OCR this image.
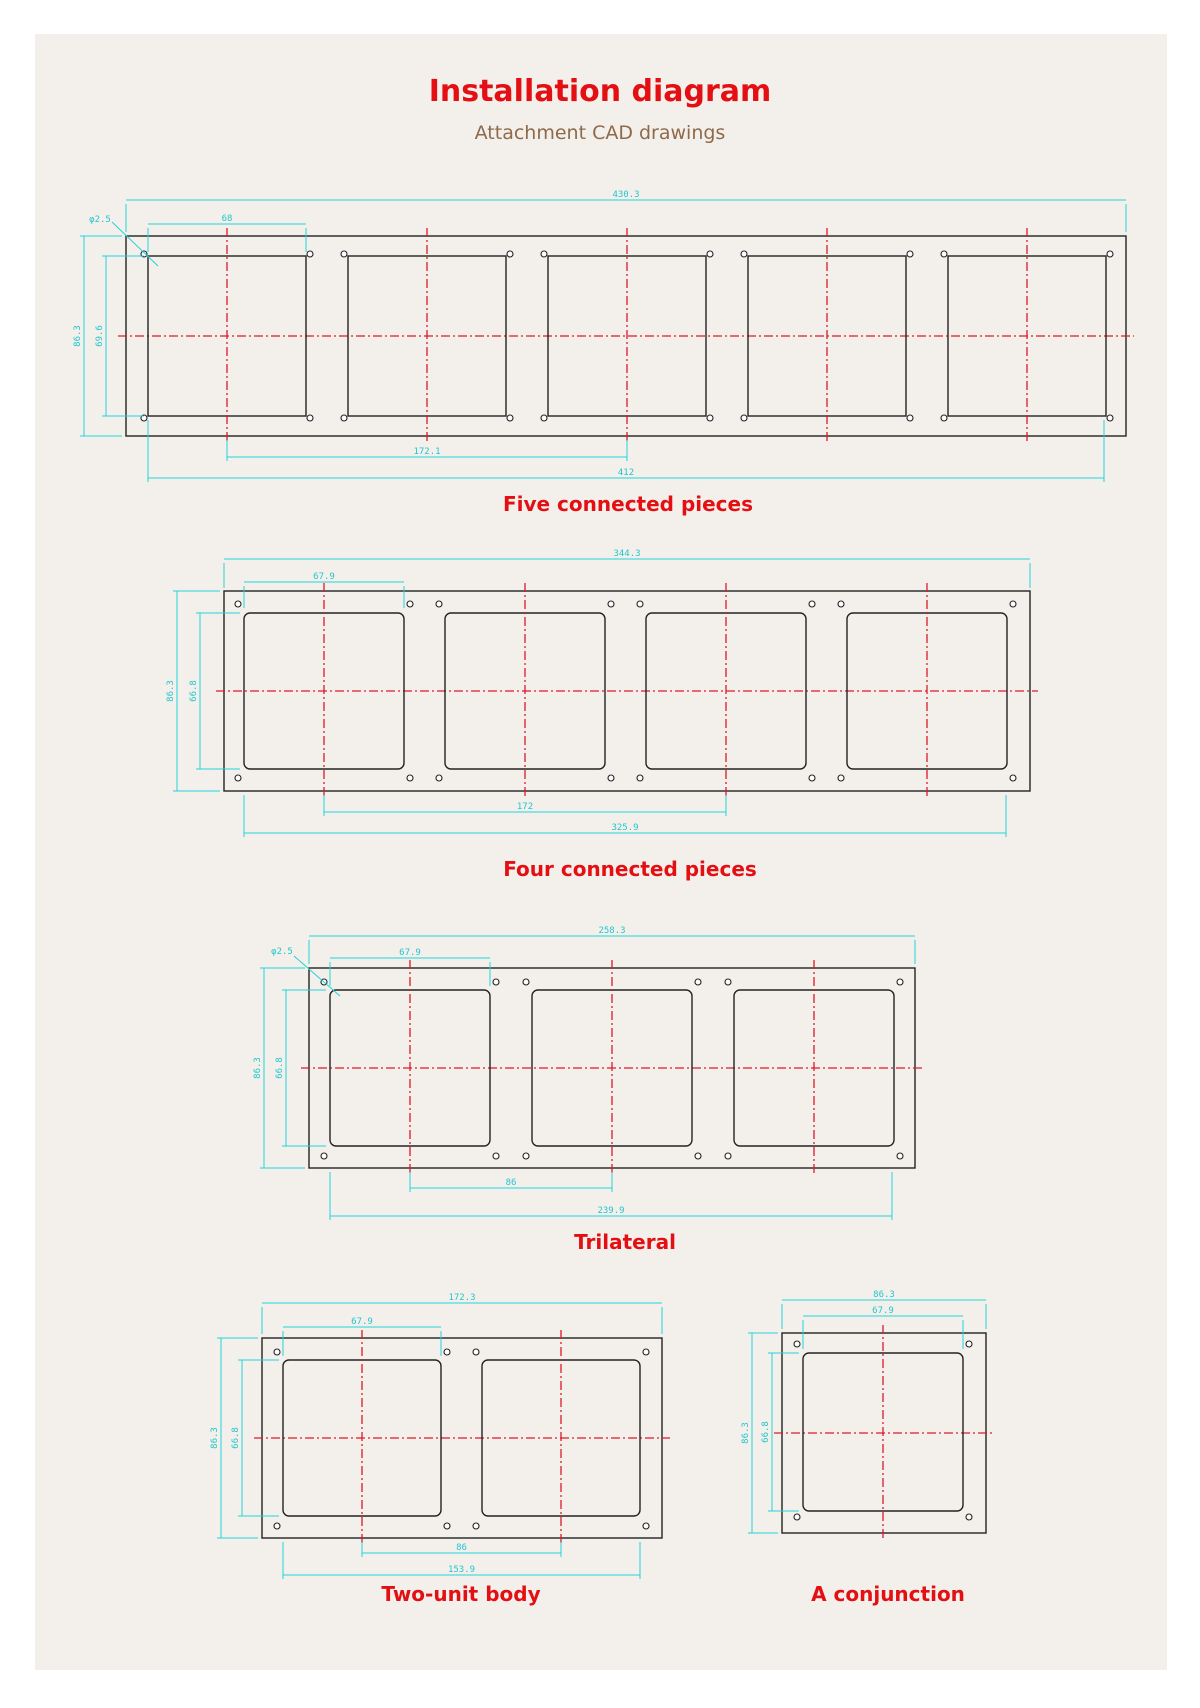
Installation diagram
Attachment CAD drawings
430.3
68
172.1
412
86.3 69.6
φ2.5
344.3
67.9
172
325.9
86.3 66.8
258.3
67.9
86
239.9
86.3 66.8
φ2.5
172.3
67.9
86
153.9
86.3 66.8
86.3
67.9
86.3 66.8
Five connected pieces
Four connected pieces
Trilateral
Two-unit body	A conjunction
